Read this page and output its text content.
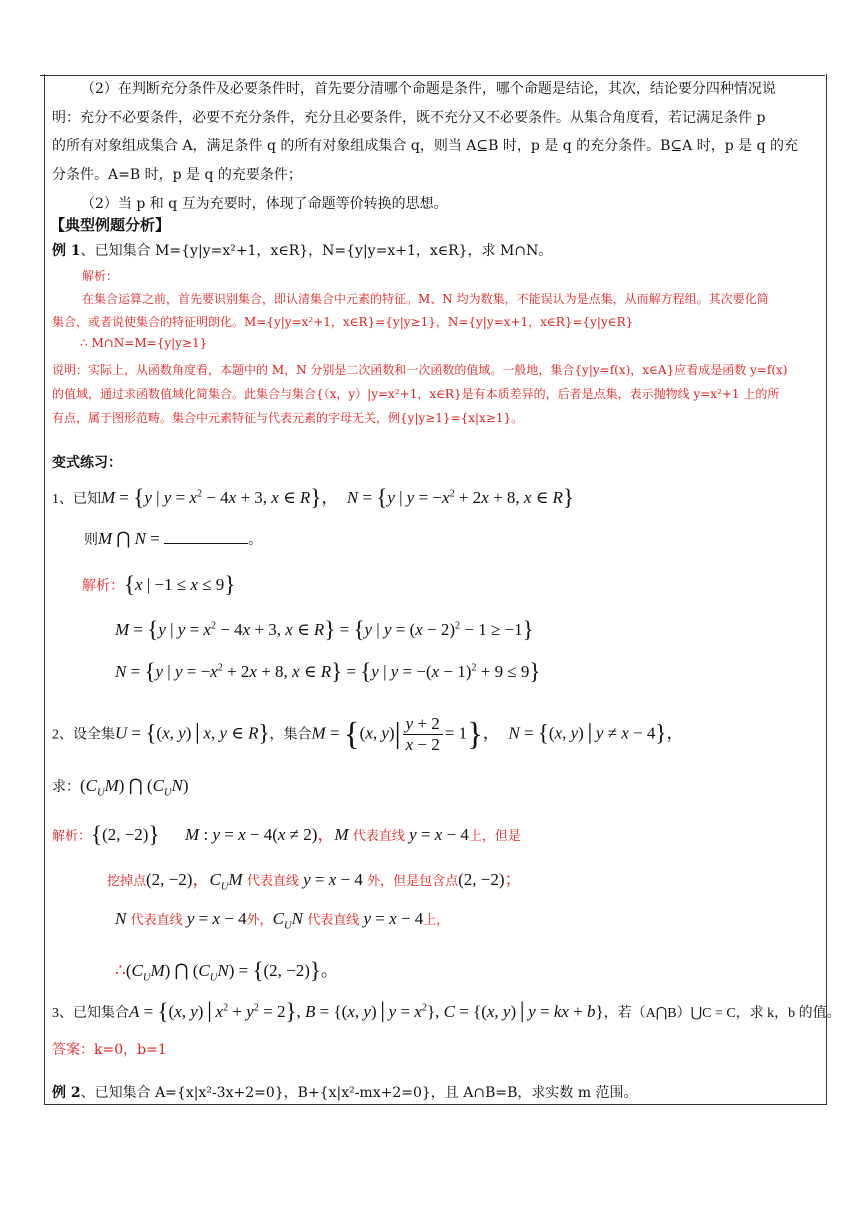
（2）在判断充分条件及必要条件时，首先要分清哪个命题是条件，哪个命题是结论，其次，结论要分四种情况说
明：充分不必要条件，必要不充分条件，充分且必要条件，既不充分又不必要条件。从集合角度看，若记满足条件 p
的所有对象组成集合 A，满足条件 q 的所有对象组成集合 q，则当 A⊆B 时，p 是 q 的充分条件。B⊆A 时，p 是 q 的充
分条件。A=B 时，p 是 q 的充要条件；
（2）当 p 和 q 互为充要时，体现了命题等价转换的思想。
【典型例题分析】
例 1、已知集合 M={y|y=x²+1，x∈R}，N={y|y=x+1，x∈R}，求 M∩N。
解析：
在集合运算之前，首先要识别集合，即认清集合中元素的特征。M、N 均为数集，不能误认为是点集，从而解方程组。其次要化简
集合，或者说使集合的特征明朗化。M={y|y=x²+1，x∈R}={y|y≥1}，N={y|y=x+1，x∈R}={y|y∈R}
∴ M∩N=M={y|y≥1}
说明：实际上，从函数角度看，本题中的 M，N 分别是二次函数和一次函数的值域。一般地，集合{y|y=f(x)，x∈A}应看成是函数 y=f(x)
的值域，通过求函数值域化简集合。此集合与集合{（x，y）|y=x²+1，x∈R}是有本质差异的，后者是点集，表示抛物线 y=x²+1 上的所
有点，属于图形范畴。集合中元素特征与代表元素的字母无关，例{y|y≥1}={x|x≥1}。
变式练习：
1、已知M = {y | $y = x^2 - 4x + 3$, x ∈ R}，  N = {y | $y = -x^2 + 2x + 8$, x ∈ R}
则M ⋂ N =	。
解析：{x | −1 ≤ x ≤ 9}
M = {y | $y = x^2 - 4x + 3$, x ∈ R} = {y | $y = (x - 2)^2 - 1 \ge -1$}
N = {y | $y = -x^2 + 2x + 8$, x ∈ R} = {y | $y = -(x - 1)^2 + 9 \le 9$}
2、设全集U = {(x, y)│x, y ∈ R}，集合M = {(x, $y)| \frac{y + 2}{x - 2} = 1$}，  N = {(x, y)│y ≠ x − 4}，
求：$(C_UM)$ ⋂ $(C_UN)$
解析：{(2, −2)} M : y = x − 4(x ≠ 2)，M 代表直线 y = x − 4上，但是
挖掉点(2, −2)，$C_UM$ 代表直线 y = x − 4 外，但是包含点(2, −2)；
N 代表直线 y = x − 4外，$C_UN$ 代表直线 y = x − 4上，
$\therefore(C_UM)$ ⋂ $(C_UN) = \{(2$, −2)}。
3、已知集合A = {(x, $y)│x^2 + y^2 = 2$}, B = {(x, y)│y = $x^2$}, C = {(x, y)│y = kx + b}，若（A⋂B）⋃C = C，求 k，b 的值。
答案：k=0，b=1
例 2、已知集合 A={x|x²-3x+2=0}，B+{x|x²-mx+2=0}，且 A∩B=B，求实数 m 范围。
